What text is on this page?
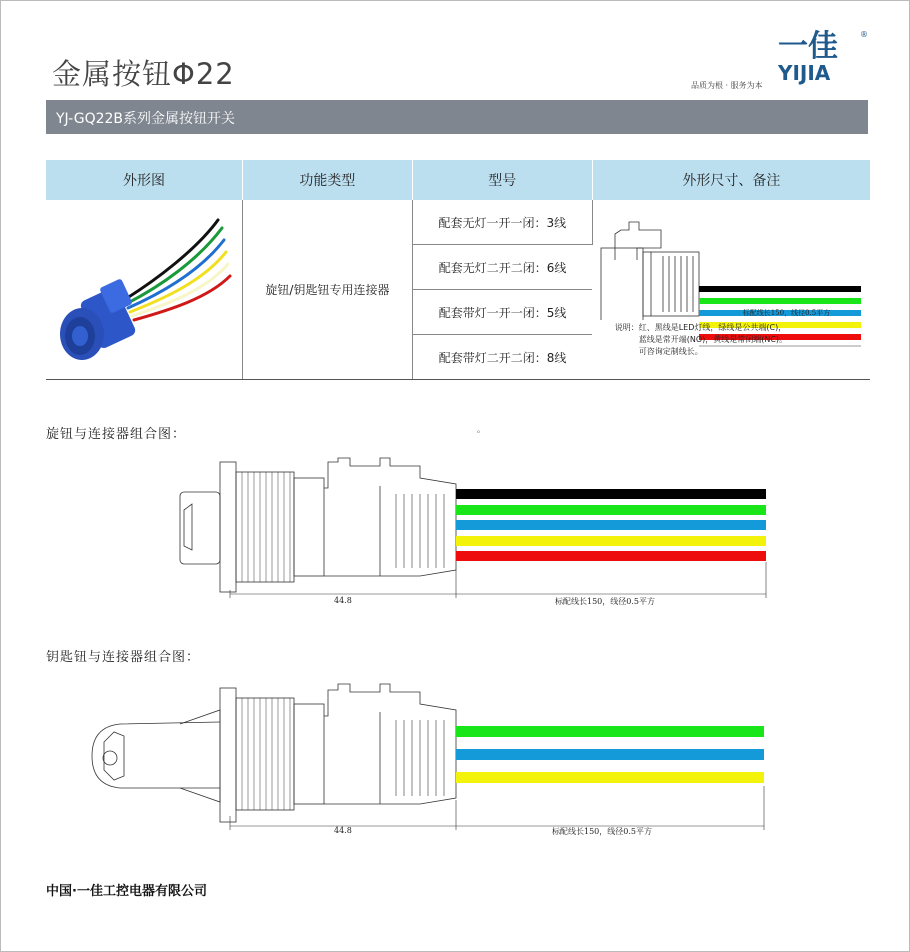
金属按钮Φ22
一佳	®
YIJIA
品质为根 · 服务为本
YJ-GQ22B系列金属按钮开关
外形图	功能类型	型号	外形尺寸、备注
	旋钮/钥匙钮专用连接器	配套无灯一开一闭：3线	标配线长150，线径0.5平方
说明：红、黑线是LED灯线，绿线是公共端(C)，
蓝线是常开端(NO)，黄线是常闭端(NC)。
可咨询定制线长。

		配套无灯二开二闭：6线	
		配套带灯一开一闭：5线	
		配套带灯二开二闭：8线	
旋钮与连接器组合图：	。
44.8	标配线长150，线径0.5平方
钥匙钮与连接器组合图：
44.8	标配线长150，线径0.5平方
中国·一佳工控电器有限公司
